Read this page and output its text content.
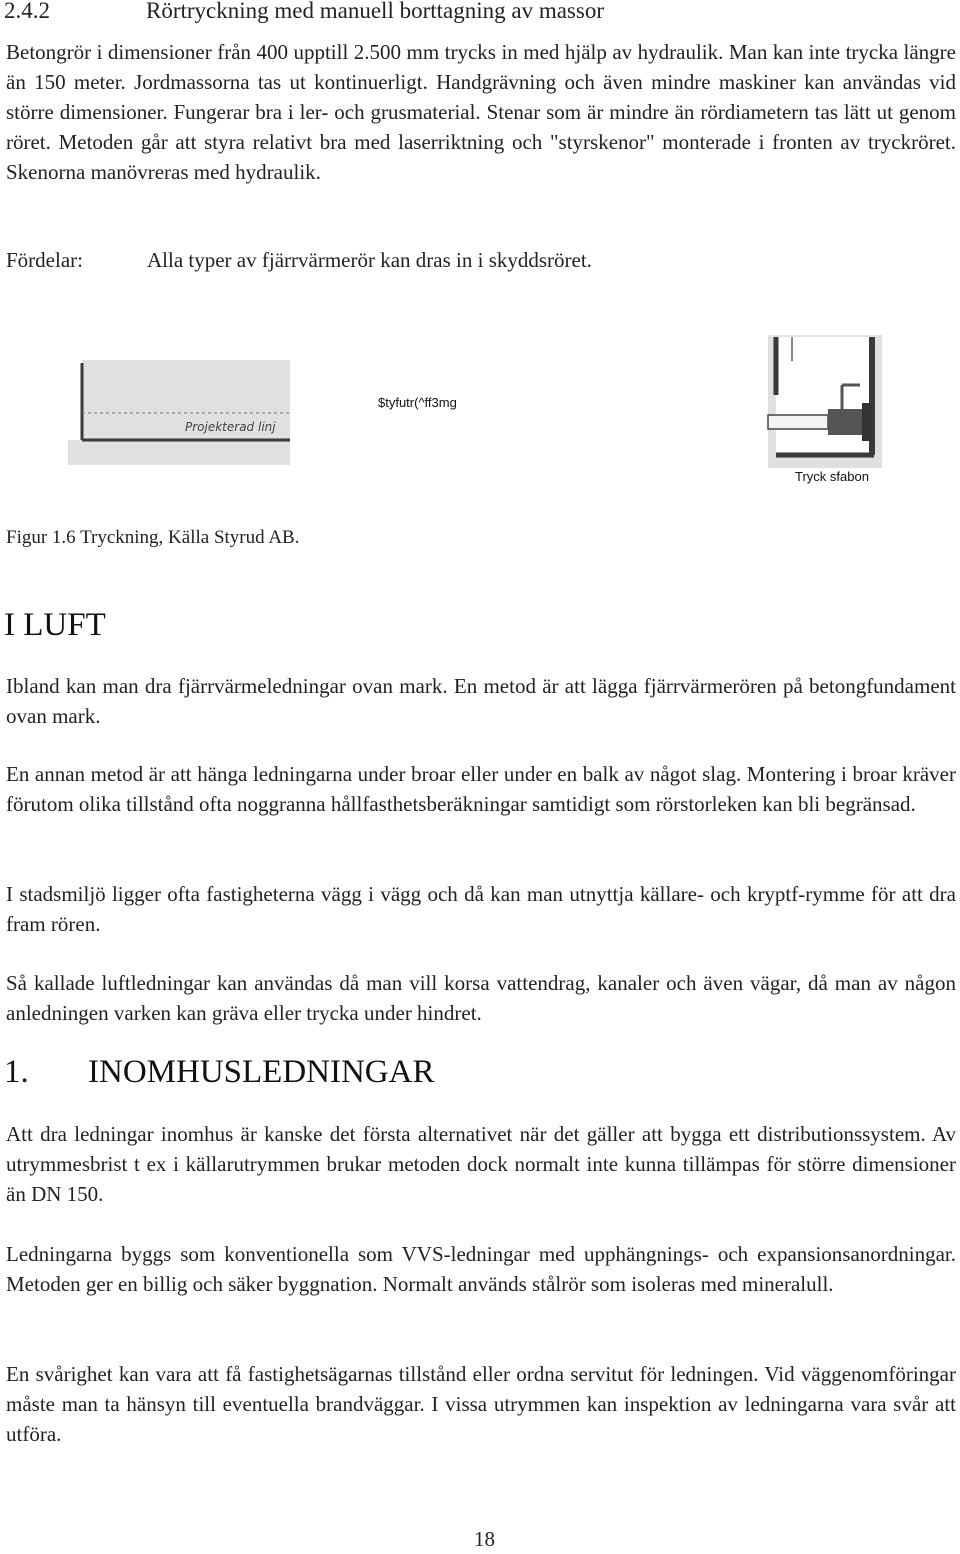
2.4.2	Rörtryckning med manuell borttagning av massor

Betongrör i dimensioner från 400 upptill 2.500 mm trycks in med hjälp av hydraulik. Man kan inte trycka längre än 150 meter. Jordmassorna tas ut kontinuerligt. Handgrävning och även mindre maskiner kan användas vid större dimensioner. Fungerar bra i ler- och grusmaterial. Stenar som är mindre än rördiametern tas lätt ut genom röret. Metoden går att styra relativt bra med laserriktning och "styrskenor" monterade i fronten av tryckröret. Skenorna manövreras med hydraulik.

Fördelar:	Alla typer av fjärrvärmerör kan dras in i skyddsröret.
Projekterad linj
$tyfutr(^ff3mg
Tryck sfabon
Figur 1.6 Tryckning, Källa Styrud AB.
I LUFT

Ibland kan man dra fjärrvärmeledningar ovan mark. En metod är att lägga fjärrvärmerören på betongfundament ovan mark.

En annan metod är att hänga ledningarna under broar eller under en balk av något slag. Montering i broar kräver förutom olika tillstånd ofta noggranna hållfasthetsberäkningar samtidigt som rörstorleken kan bli begränsad.

I stadsmiljö ligger ofta fastigheterna vägg i vägg och då kan man utnyttja källare- och kryptf-rymme för att dra fram rören.

Så kallade luftledningar kan användas då man vill korsa vattendrag, kanaler och även vägar, då man av någon anledningen varken kan gräva eller trycka under hindret.

1. INOMHUSLEDNINGAR

Att dra ledningar inomhus är kanske det första alternativet när det gäller att bygga ett distributionssystem. Av utrymmesbrist t ex i källarutrymmen brukar metoden dock normalt inte kunna tillämpas för större dimensioner än DN 150.

Ledningarna byggs som konventionella som VVS-ledningar med upphängnings- och expansionsanordningar. Metoden ger en billig och säker byggnation. Normalt används stålrör som isoleras med mineralull.

En svårighet kan vara att få fastighetsägarnas tillstånd eller ordna servitut för ledningen. Vid väggenomföringar måste man ta hänsyn till eventuella brandväggar. I vissa utrymmen kan inspektion av ledningarna vara svår att utföra.

18
